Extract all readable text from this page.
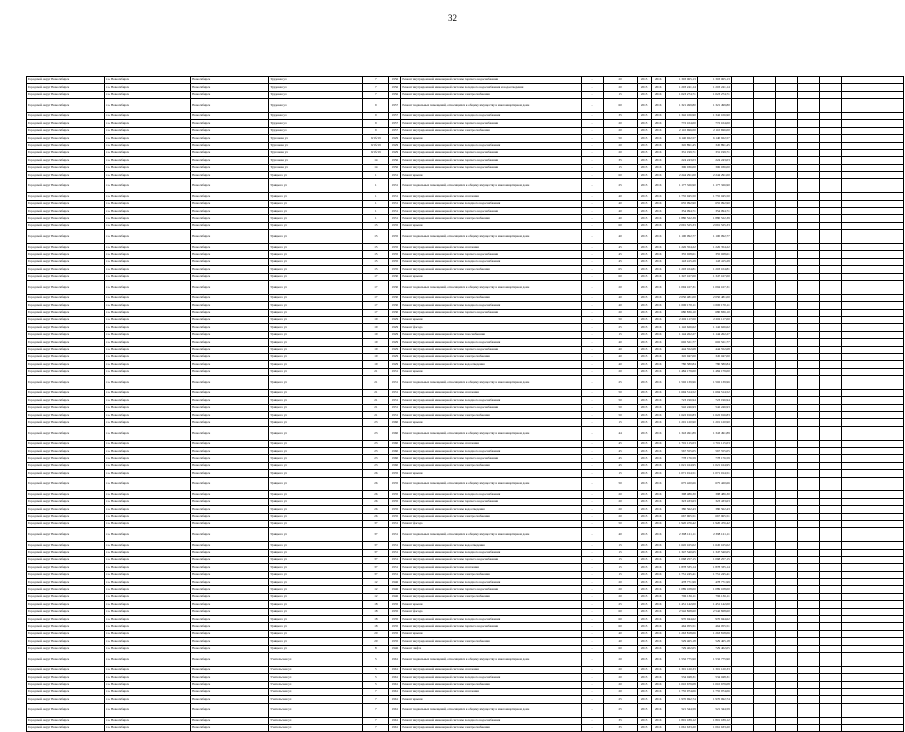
32
Городской округ Новосибирск	г.о. Новосибирск	Новосибирск	Трудовая ул	7	1956	Ремонт внутридомовой инженерной системы горячего водоснабжения	-	20	2015	2016	1 303 065,13	1 303 065,13						
Городской округ Новосибирск	г.о. Новосибирск	Новосибирск	Трудовая ул	7	1956	Ремонт внутридомовой инженерной системы холодного водоснабжения и водоотведения	-	20	2015	2016	1 203 241,14	1 203 241,14						
Городской округ Новосибирск	г.о. Новосибирск	Новосибирск	Трудовая ул	7	1956	Ремонт внутридомовой инженерной системы электроснабжения	-	15	2015	2016	1 023 274,71	1 023 274,71						
Городской округ Новосибирск	г.о. Новосибирск	Новосибирск	Трудовая ул	9	1957	Ремонт подвальных помещений, относящихся к общему имуществу в многоквартирном доме	-	60	2015	2016	1 321 499,80	1 321 499,80						
Городской округ Новосибирск	г.о. Новосибирск	Новосибирск	Трудовая ул	9	1957	Ремонт внутридомовой инженерной системы холодного водоснабжения	-	35	2015	2016	1 342 106,90	1 342 106,90						
Городской округ Новосибирск	г.о. Новосибирск	Новосибирск	Трудовая ул	9	1957	Ремонт внутридомовой инженерной системы горячего водоснабжения	-	20	2015	2016	772 104,00	772 104,00						
Городской округ Новосибирск	г.о. Новосибирск	Новосибирск	Трудовая ул	9	1957	Ремонт внутридомовой инженерной системы электроснабжения	-	20	2015	2016	2 110 696,00	2 110 696,00						
Городской округ Новосибирск	г.о. Новосибирск	Новосибирск	Тургенева ул	9/1б/19	1929	Ремонт крыши	-	50	2015	2016	6 140 922,57	6 140 922,57						
Городской округ Новосибирск	г.о. Новосибирск	Новосибирск	Тургенева ул	9/1б/19	1929	Ремонт внутридомовой инженерной системы холодного водоснабжения	-	20	2015	2016	345 891,45	345 891,45						
Городской округ Новосибирск	г.о. Новосибирск	Новосибирск	Тургенева ул	9/1б/19	1929	Ремонт внутридомовой инженерной системы горячего водоснабжения	-	20	2015	2016	331 199,71	331 199,71						
Городской округ Новосибирск	г.о. Новосибирск	Новосибирск	Тургенева ул	14	1956	Ремонт внутридомовой инженерной системы горячего водоснабжения	-	35	2015	2016	224 243,03	224 243,03						
Городской округ Новосибирск	г.о. Новосибирск	Новосибирск	Тургенева ул	14	1956	Ремонт внутридомовой инженерной системы горячего водоснабжения	-	15	2015	2016	306 036,00	306 036,00						
Городской округ Новосибирск	г.о. Новосибирск	Новосибирск	Урицкого ул	1	1931	Ремонт крыши	-	60	2015	2016	2 244 291,00	2 244 291,00						
Городской округ Новосибирск	г.о. Новосибирск	Новосибирск	Урицкого ул	1	1931	Ремонт подвальных помещений, относящихся к общему имуществу в многоквартирном доме	-	25	2015	2016	1 177 326,90	1 177 326,90						
Городской округ Новосибирск	г.о. Новосибирск	Новосибирск	Урицкого ул	1	1931	Ремонт внутридомовой инженерной системы отопления	-	40	2015	2016	1 755 045,50	1 755 045,50						
Городской округ Новосибирск	г.о. Новосибирск	Новосибирск	Урицкого ул	1	1931	Ремонт внутридомовой инженерной системы холодного водоснабжения	-	40	2015	2016	655 092,90	655 092,90						
Городской округ Новосибирск	г.о. Новосибирск	Новосибирск	Урицкого ул	1	1931	Ремонт внутридомовой инженерной системы горячего водоснабжения	-	40	2015	2016	354 094,71	354 094,71						
Городской округ Новосибирск	г.о. Новосибирск	Новосибирск	Урицкого ул	1	1931	Ремонт внутридомовой инженерной системы электроснабжения	-	40	2015	2016	1 880 522,39	1 880 522,39						
Городской округ Новосибирск	г.о. Новосибирск	Новосибирск	Урицкого ул	15	1935	Ремонт крыши	-	60	2015	2016	2 091 525,33	2 091 525,33						
Городской округ Новосибирск	г.о. Новосибирск	Новосибирск	Урицкого ул	15	1935	Ремонт подвальных помещений, относящихся к общему имуществу в многоквартирном доме	-	40	2015	2016	1 100 092,77	1 100 092,77						
Городской округ Новосибирск	г.о. Новосибирск	Новосибирск	Урицкого ул	15	1935	Ремонт внутридомовой инженерной системы отопления	-	45	2015	2016	1 226 354,22	1 226 354,22						
Городской округ Новосибирск	г.о. Новосибирск	Новосибирск	Урицкого ул	15	1935	Ремонт внутридомовой инженерной системы горячего водоснабжения	-	45	2015	2016	355 028,61	355 028,61						
Городской округ Новосибирск	г.о. Новосибирск	Новосибирск	Урицкого ул	15	1935	Ремонт внутридомовой инженерной системы холодного водоснабжения	-	45	2015	2016	143 415,29	143 415,29						
Городской округ Новосибирск	г.о. Новосибирск	Новосибирск	Урицкого ул	15	1935	Ремонт внутридомовой инженерной системы электроснабжения	-	65	2015	2016	1 203 104,81	1 203 104,81						
Городской округ Новосибирск	г.о. Новосибирск	Новосибирск	Урицкого ул	17	1930	Ремонт крыши	-	60	2015	2016	1 347 167,00	1 347 167,00						
Городской округ Новосибирск	г.о. Новосибирск	Новосибирск	Урицкого ул	17	1930	Ремонт подвальных помещений, относящихся к общему имуществу в многоквартирном доме	-	20	2015	2016	1 094 167,31	1 094 167,31						
Городской округ Новосибирск	г.о. Новосибирск	Новосибирск	Урицкого ул	17	1930	Ремонт внутридомовой инженерной системы электроснабжения	-	40	2015	2016	2 050 481,00	2 050 481,00						
Городской округ Новосибирск	г.о. Новосибирск	Новосибирск	Урицкого ул	17	1930	Ремонт внутридомовой инженерной системы холодного водоснабжения	-	40	2015	2016	1 000 170,11	1 000 170,11						
Городской округ Новосибирск	г.о. Новосибирск	Новосибирск	Урицкого ул	17	1930	Ремонт внутридомовой инженерной системы горячего водоснабжения	-	20	2015	2016	680 836,10	680 836,10						
Городской округ Новосибирск	г.о. Новосибирск	Новосибирск	Урицкого ул	19	1929	Ремонт крыши	-	50	2015	2016	2 202 117,00	2 202 117,00						
Городской округ Новосибирск	г.о. Новосибирск	Новосибирск	Урицкого ул	19	1929	Ремонт фасада	-	25	2015	2016	1 142 626,62	1 142 626,62						
Городской округ Новосибирск	г.о. Новосибирск	Новосибирск	Урицкого ул	19	1929	Ремонт внутридомовой инженерной системы газоснабжения	-	15	2015	2016	1 144 262,27	1 144 262,27						
Городской округ Новосибирск	г.о. Новосибирск	Новосибирск	Урицкого ул	19	1929	Ремонт внутридомовой инженерной системы холодного водоснабжения	-	40	2015	2016	602 521,77	602 521,77						
Городской округ Новосибирск	г.о. Новосибирск	Новосибирск	Урицкого ул	19	1929	Ремонт внутридомовой инженерной системы горячего водоснабжения	-	40	2015	2016	444 552,68	444 552,68						
Городской округ Новосибирск	г.о. Новосибирск	Новосибирск	Урицкого ул	19	1929	Ремонт внутридомовой инженерной системы электроснабжения	-	40	2015	2016	345 047,00	345 047,00						
Городской округ Новосибирск	г.о. Новосибирск	Новосибирск	Урицкого ул	19	1929	Ремонт внутридомовой инженерной системы водоотведения	-	40	2015	2016	780 580,84	780 580,84						
Городской округ Новосибирск	г.о. Новосибирск	Новосибирск	Урицкого ул	21	1931	Ремонт крыши	-	20	2015	2016	1 484 179,00	1 484 179,00						
Городской округ Новосибирск	г.о. Новосибирск	Новосибирск	Урицкого ул	21	1931	Ремонт подвальных помещений, относящихся к общему имуществу в многоквартирном доме	-	25	2015	2016	1 502 139,96	1 502 139,96						
Городской округ Новосибирск	г.о. Новосибирск	Новосибирск	Урицкого ул	21	1931	Ремонт внутридомовой инженерной системы отопления	-	50	2015	2016	1 694 514,52	1 694 514,52						
Городской округ Новосибирск	г.о. Новосибирск	Новосибирск	Урицкого ул	21	1931	Ремонт внутридомовой инженерной системы холодного водоснабжения	-	50	2015	2016	723 196,94	723 196,94						
Городской округ Новосибирск	г.о. Новосибирск	Новосибирск	Урицкого ул	21	1931	Ремонт внутридомовой инженерной системы горячего водоснабжения	-	50	2015	2016	542 246,93	542 246,93						
Городской округ Новосибирск	г.о. Новосибирск	Новосибирск	Урицкого ул	21	1931	Ремонт внутридомовой инженерной системы электроснабжения	-	50	2015	2016	1 622 916,83	1 622 916,83						
Городской округ Новосибирск	г.о. Новосибирск	Новосибирск	Урицкого ул	23	1960	Ремонт крыши	-	15	2015	2016	1 201 120,90	1 201 120,90						
Городской округ Новосибирск	г.о. Новосибирск	Новосибирск	Урицкого ул	23	1960	Ремонт подвальных помещений, относящихся к общему имуществу в многоквартирном доме	-	44	2015	2016	1 343 491,89	1 343 491,89						
Городской округ Новосибирск	г.о. Новосибирск	Новосибирск	Урицкого ул	23	1960	Ремонт внутридомовой инженерной системы отопления	-	45	2015	2016	1 701 115,03	1 701 115,03						
Городской округ Новосибирск	г.о. Новосибирск	Новосибирск	Урицкого ул	23	1960	Ремонт внутридомовой инженерной системы холодного водоснабжения	-	45	2015	2016	567 555,05	567 555,05						
Городской округ Новосибирск	г.о. Новосибирск	Новосибирск	Урицкого ул	23	1960	Ремонт внутридомовой инженерной системы горячего водоснабжения	-	45	2015	2016	778 176,59	778 176,59						
Городской округ Новосибирск	г.о. Новосибирск	Новосибирск	Урицкого ул	23	1960	Ремонт внутридомовой инженерной системы электроснабжения	-	45	2015	2016	1 021 164,95	1 021 164,95						
Городской округ Новосибирск	г.о. Новосибирск	Новосибирск	Урицкого ул	26	1935	Ремонт крыши	-	15	2015	2016	1 071 014,51	1 071 014,51						
Городской округ Новосибирск	г.о. Новосибирск	Новосибирск	Урицкого ул	26	1935	Ремонт подвальных помещений, относящихся к общему имуществу в многоквартирном доме	-	50	2015	2016	675 420,66	675 420,66						
Городской округ Новосибирск	г.о. Новосибирск	Новосибирск	Урицкого ул	26	1935	Ремонт внутридомовой инженерной системы холодного водоснабжения	-	20	2015	2016	398 486,30	398 486,30						
Городской округ Новосибирск	г.о. Новосибирск	Новосибирск	Урицкого ул	26	1935	Ремонт внутридомовой инженерной системы горячего водоснабжения	-	20	2015	2016	323 433,63	323 433,63						
Городской округ Новосибирск	г.о. Новосибирск	Новосибирск	Урицкого ул	26	1935	Ремонт внутридомовой инженерной системы водоотведения	-	20	2015	2016	380 562,43	380 562,43						
Городской округ Новосибирск	г.о. Новосибирск	Новосибирск	Урицкого ул	26	1935	Ремонт внутридомовой инженерной системы электроснабжения	-	20	2015	2016	667 965,51	667 965,51						
Городской округ Новосибирск	г.о. Новосибирск	Новосибирск	Урицкого ул	37	1931	Ремонт фасада	-	50	2015	2016	1 920 476,42	1 920 476,42						
Городской округ Новосибирск	г.о. Новосибирск	Новосибирск	Урицкого ул	37	1931	Ремонт подвальных помещений, относящихся к общему имуществу в многоквартирном доме	-	40	2015	2016	2 398 121,11	2 398 121,11						
Городской округ Новосибирск	г.о. Новосибирск	Новосибирск	Урицкого ул	37	1931	Ремонт внутридомовой инженерной системы водоотведения	-	15	2015	2016	1 645 165,02	1 645 165,02						
Городской округ Новосибирск	г.о. Новосибирск	Новосибирск	Урицкого ул	37	1931	Ремонт внутридомовой инженерной системы холодного водоснабжения	-	15	2015	2016	1 347 540,65	1 347 540,65						
Городской округ Новосибирск	г.о. Новосибирск	Новосибирск	Урицкого ул	37	1931	Ремонт внутридомовой инженерной системы горячего водоснабжения	-	15	2015	2016	1 068 257,15	1 068 257,15						
Городской округ Новосибирск	г.о. Новосибирск	Новосибирск	Урицкого ул	37	1931	Ремонт внутридомовой инженерной системы отопления	-	15	2015	2016	1 878 335,14	1 878 335,14						
Городской округ Новосибирск	г.о. Новосибирск	Новосибирск	Урицкого ул	37	1931	Ремонт внутридомовой инженерной системы электроснабжения	-	15	2015	2016	1 751 245,41	1 751 245,41						
Городской округ Новосибирск	г.о. Новосибирск	Новосибирск	Урицкого ул	12	1946	Ремонт внутридомовой инженерной системы холодного водоснабжения	-	20	2015	2016	478 771,99	478 771,99						
Городской округ Новосибирск	г.о. Новосибирск	Новосибирск	Урицкого ул	12	1946	Ремонт внутридомовой инженерной системы горячего водоснабжения	-	20	2015	2016	1 089 108,00	1 089 108,00						
Городской округ Новосибирск	г.о. Новосибирск	Новосибирск	Урицкого ул	12	1946	Ремонт внутридомовой инженерной системы электроснабжения	-	20	2015	2016	796 136,11	796 136,11						
Городской округ Новосибирск	г.о. Новосибирск	Новосибирск	Урицкого ул	18	1935	Ремонт крыши	-	25	2015	2016	1 451 142,00	1 451 142,00						
Городской округ Новосибирск	г.о. Новосибирск	Новосибирск	Урицкого ул	18	1935	Ремонт фасада	-	60	2015	2016	2 542 828,60	2 542 828,60						
Городской округ Новосибирск	г.о. Новосибирск	Новосибирск	Урицкого ул	18	1935	Ремонт внутридомовой инженерной системы холодного водоснабжения	-	60	2015	2016	970 944,62	970 944,62						
Городской округ Новосибирск	г.о. Новосибирск	Новосибирск	Урицкого ул	18	1935	Ремонт внутридомовой инженерной системы горячего водоснабжения	-	60	2015	2016	464 055,51	464 055,51						
Городской округ Новосибирск	г.о. Новосибирск	Новосибирск	Урицкого ул	20	1935	Ремонт крыши	-	40	2015	2016	1 263 818,06	1 263 818,06						
Городской округ Новосибирск	г.о. Новосибирск	Новосибирск	Урицкого ул	20	1935	Ремонт внутридомовой инженерной системы электроснабжения	-	40	2015	2016	529 465,18	529 465,18						
Городской округ Новосибирск	г.о. Новосибирск	Новосибирск	Урицкого ул	8	1946	Ремонт лифта	-	60	2015	2016	729 402,05	729 402,05						
Городской округ Новосибирск	г.о. Новосибирск	Новосибирск	Учительская ул	5	1961	Ремонт подвальных помещений, относящихся к общему имуществу в многоквартирном доме	-	20	2015	2016	1 532 775,90	1 532 775,90						
Городской округ Новосибирск	г.о. Новосибирск	Новосибирск	Учительская ул	5	1961	Ремонт внутридомовой инженерной системы отопления	-	20	2015	2016	1 301 120,33	1 301 120,33						
Городской округ Новосибирск	г.о. Новосибирск	Новосибирск	Учительская ул	5	1961	Ремонт внутридомовой инженерной системы холодного водоснабжения	-	20	2015	2016	534 048,31	534 048,31						
Городской округ Новосибирск	г.о. Новосибирск	Новосибирск	Учительская ул	5	1961	Ремонт внутридомовой инженерной системы электроснабжения	-	20	2015	2016	1 010 679,08	1 010 679,08						
Городской округ Новосибирск	г.о. Новосибирск	Новосибирск	Учительская ул	7	1961	Ремонт внутридомовой инженерной системы отопления	-	20	2015	2016	1 755 974,06	1 755 974,06						
Городской округ Новосибирск	г.о. Новосибирск	Новосибирск	Учительская ул	7	1961	Ремонт крыши	-	25	2015	2016	1 970 692,74	1 970 692,74						
Городской округ Новосибирск	г.о. Новосибирск	Новосибирск	Учительская ул	7	1961	Ремонт подвальных помещений, относящихся к общему имуществу в многоквартирном доме	-	25	2015	2016	521 344,59	521 344,59						
Городской округ Новосибирск	г.о. Новосибирск	Новосибирск	Учительская ул	7	1961	Ремонт внутридомовой инженерной системы холодного водоснабжения	-	35	2015	2016	1 801 189,12	1 801 189,12						
Городской округ Новосибирск	г.о. Новосибирск	Новосибирск	Учительская ул	7	1961	Ремонт внутридомовой инженерной системы электроснабжения	-	35	2015	2016	1 061 633,20	1 061 633,20						
